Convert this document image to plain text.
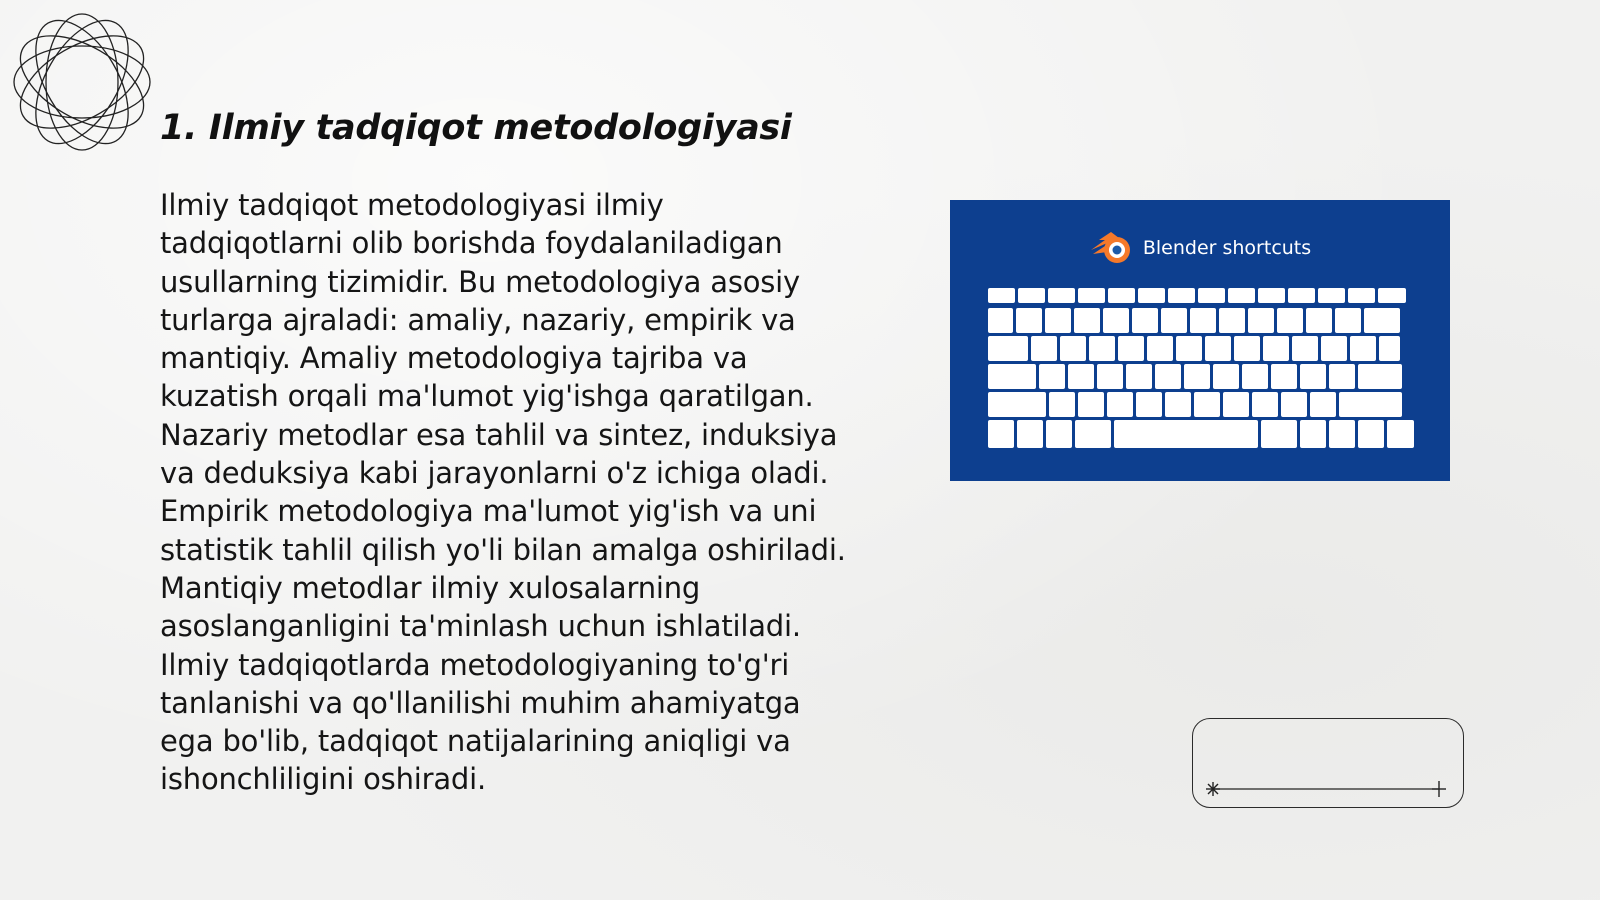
1. Ilmiy tadqiqot metodologiyasi

Ilmiy tadqiqot metodologiyasi ilmiy tadqiqotlarni olib borishda foydalaniladigan usullarning tizimidir. Bu metodologiya asosiy turlarga ajraladi: amaliy, nazariy, empirik va mantiqiy. Amaliy metodologiya tajriba va kuzatish orqali ma'lumot yig'ishga qaratilgan. Nazariy metodlar esa tahlil va sintez, induksiya va deduksiya kabi jarayonlarni o'z ichiga oladi. Empirik metodologiya ma'lumot yig'ish va uni statistik tahlil qilish yo'li bilan amalga oshiriladi. Mantiqiy metodlar ilmiy xulosalarning asoslanganligini ta'minlash uchun ishlatiladi. Ilmiy tadqiqotlarda metodologiyaning to'g'ri tanlanishi va qo'llanilishi muhim ahamiyatga ega bo'lib, tadqiqot natijalarining aniqligi va ishonchliligini oshiradi.

Blender shortcuts
